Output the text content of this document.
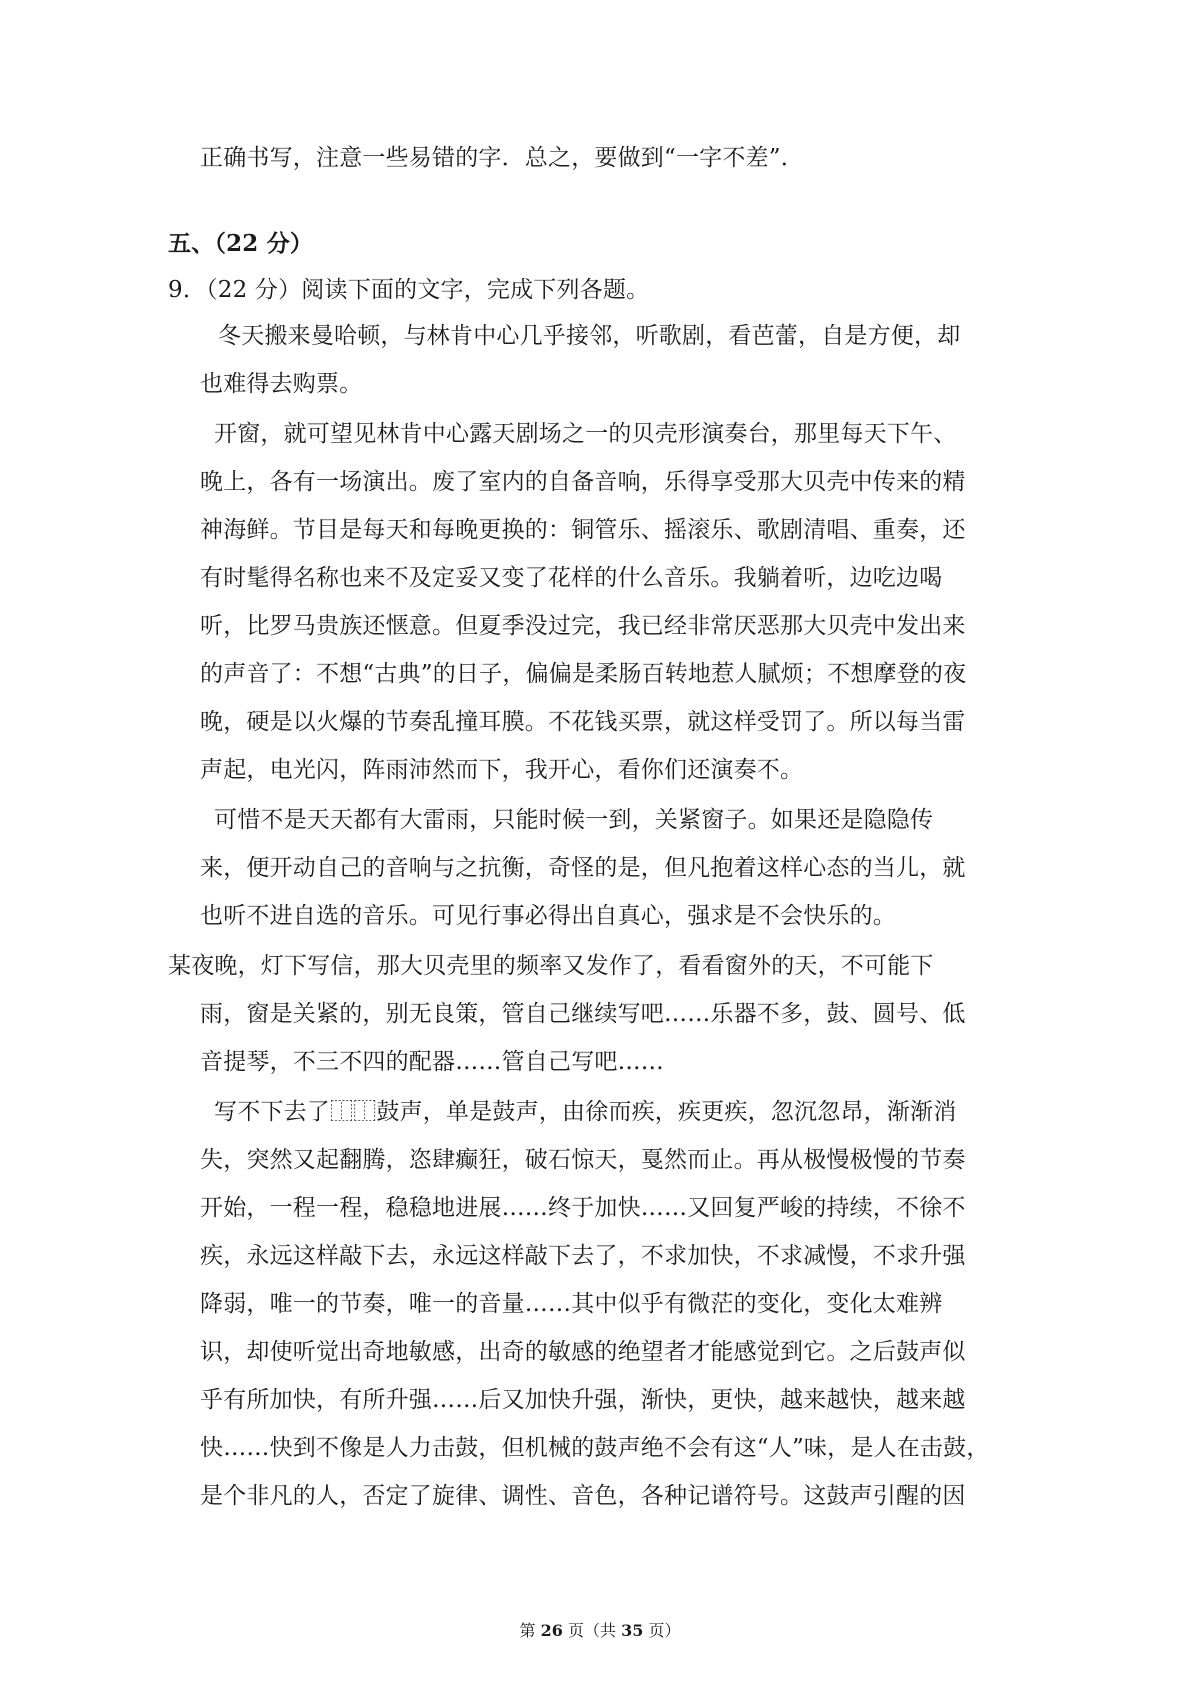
正确书写，注意一些易错的字．总之，要做到“一字不差”．
五、（22 分）
9．（22 分）阅读下面的文字，完成下列各题。
冬天搬来曼哈顿，与林肯中心几乎接邻，听歌剧，看芭蕾，自是方便，却
也难得去购票。
开窗，就可望见林肯中心露天剧场之一的贝壳形演奏台，那里每天下午、
晚上，各有一场演出。废了室内的自备音响，乐得享受那大贝壳中传来的精
神海鲜。节目是每天和每晚更换的：铜管乐、摇滚乐、歌剧清唱、重奏，还
有时髦得名称也来不及定妥又变了花样的什么音乐。我躺着听，边吃边喝
听，比罗马贵族还惬意。但夏季没过完，我已经非常厌恶那大贝壳中发出来
的声音了：不想“古典”的日子，偏偏是柔肠百转地惹人腻烦；不想摩登的夜
晚，硬是以火爆的节奏乱撞耳膜。不花钱买票，就这样受罚了。所以每当雷
声起，电光闪，阵雨沛然而下，我开心，看你们还演奏不。
可惜不是天天都有大雷雨，只能时候一到，关紧窗子。如果还是隐隐传
来，便开动自己的音响与之抗衡，奇怪的是，但凡抱着这样心态的当儿，就
也听不进自选的音乐。可见行事必得出自真心，强求是不会快乐的。
某夜晚，灯下写信，那大贝壳里的频率又发作了，看看窗外的天，不可能下
雨，窗是关紧的，别无良策，管自己继续写吧……乐器不多，鼓、圆号、低
音提琴，不三不四的配器……管自己写吧……
写不下去了⿰⿰鼓声，单是鼓声，由徐而疾，疾更疾，忽沉忽昂，渐渐消
失，突然又起翻腾，恣肆癫狂，破石惊天，戛然而止。再从极慢极慢的节奏
开始，一程一程，稳稳地进展……终于加快……又回复严峻的持续，不徐不
疾，永远这样敲下去，永远这样敲下去了，不求加快，不求减慢，不求升强
降弱，唯一的节奏，唯一的音量……其中似乎有微茫的变化，变化太难辨
识，却使听觉出奇地敏感，出奇的敏感的绝望者才能感觉到它。之后鼓声似
乎有所加快，有所升强……后又加快升强，渐快，更快，越来越快，越来越
快……快到不像是人力击鼓，但机械的鼓声绝不会有这“人”味，是人在击鼓，
是个非凡的人，否定了旋律、调性、音色，各种记谱符号。这鼓声引醒的因
第 26 页（共 35 页）
